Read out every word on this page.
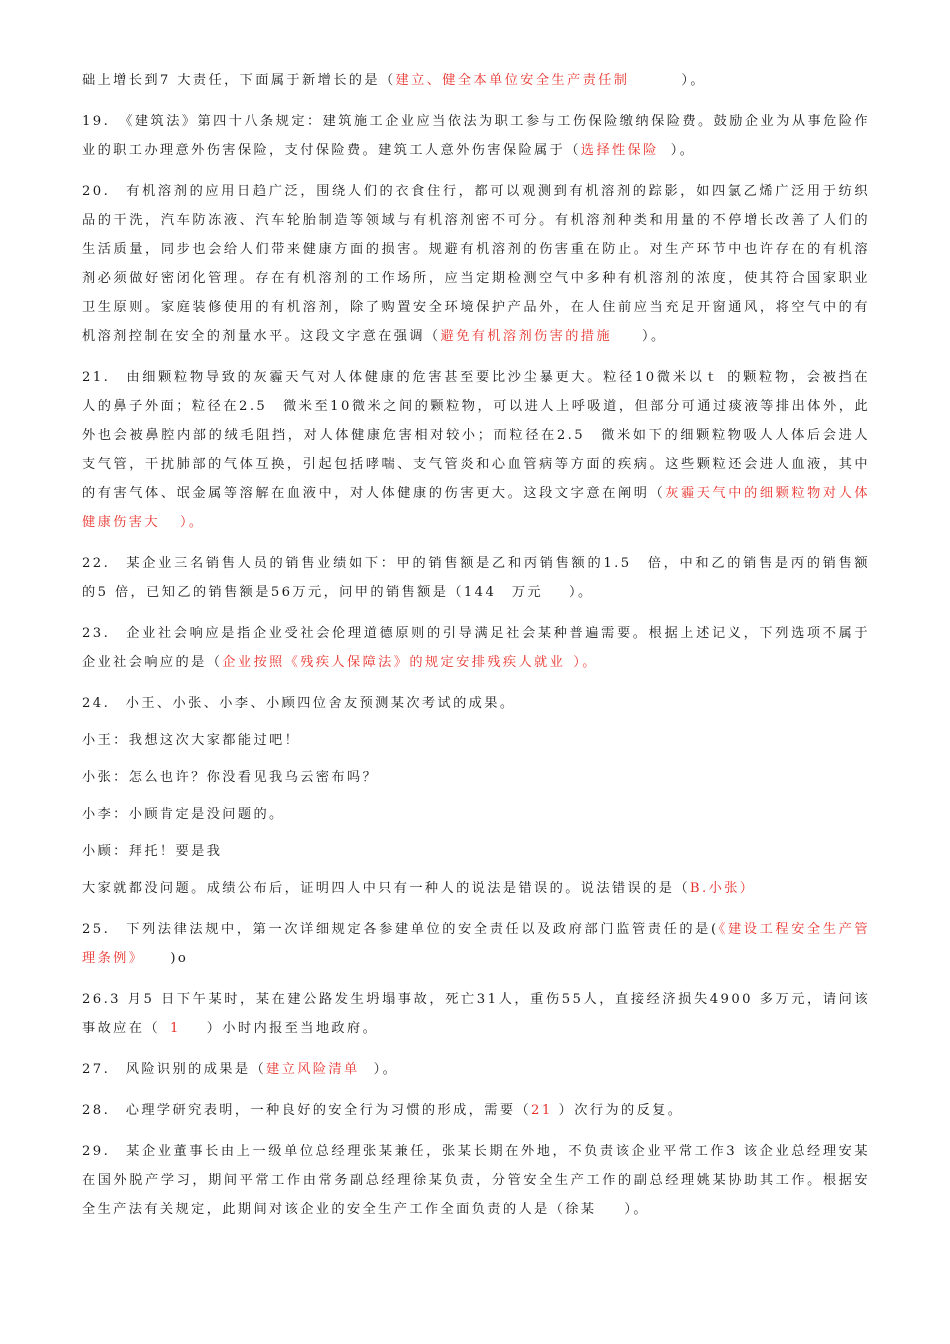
础上增长到7 大责任，下面属于新增长的是（建立、健全本单位安全生产责任制	）。

19.　《建筑法》第四十八条规定：建筑施工企业应当依法为职工参与工伤保险缴纳保险费。鼓励企业为从事危险作业的职工办理意外伤害保险，支付保险费。建筑工人意外伤害保险属于（选择性保险 ）。

20.　有机溶剂的应用日趋广泛，围绕人们的衣食住行，都可以观测到有机溶剂的踪影，如四氯乙烯广泛用于纺织品的干洗，汽车防冻液、汽车轮胎制造等领域与有机溶剂密不可分。有机溶剂种类和用量的不停增长改善了人们的生活质量，同步也会给人们带来健康方面的损害。规避有机溶剂的伤害重在防止。对生产环节中也许存在的有机溶剂必须做好密闭化管理。存在有机溶剂的工作场所，应当定期检测空气中多种有机溶剂的浓度，使其符合国家职业卫生原则。家庭装修使用的有机溶剂，除了购置安全环境保护产品外，在人住前应当充足开窗通风，将空气中的有机溶剂控制在安全的剂量水平。这段文字意在强调（避免有机溶剂伤害的措施 ）。

21.　由细颗粒物导致的灰霾天气对人体健康的危害甚至要比沙尘暴更大。粒径10微米以ｔ 的颗粒物，会被挡在人的鼻子外面；粒径在2.5　微米至10微米之间的颗粒物，可以进人上呼吸道，但部分可通过痰液等排出体外，此外也会被鼻腔内部的绒毛阻挡，对人体健康危害相对较小；而粒径在2.5　微米如下的细颗粒物吸人人体后会进人支气管，干扰肺部的气体互换，引起包括哮喘、支气管炎和心血管病等方面的疾病。这些颗粒还会进人血液，其中的有害气体、氓金属等溶解在血液中，对人体健康的伤害更大。这段文字意在阐明（灰霾天气中的细颗粒物对人体健康伤害大 ）。

22.　某企业三名销售人员的销售业绩如下：甲的销售额是乙和丙销售额的1.5　倍，中和乙的销售是丙的销售额的5 倍，已知乙的销售额是56万元，问甲的销售额是（144　万元 ）。

23.　企业社会响应是指企业受社会伦理道德原则的引导满足社会某种普遍需要。根据上述记义，下列选项不属于企业社会响应的是（企业按照《残疾人保障法》的规定安排残疾人就业 ）。

24.　小王、小张、小李、小顾四位舍友预测某次考试的成果。

小王：我想这次大家都能过吧！

小张：怎么也许？你没看见我乌云密布吗？

小李：小顾肯定是没问题的。

小顾：拜托！要是我

大家就都没问题。成绩公布后，证明四人中只有一种人的说法是错误的。说法错误的是（B.小张）

25.　下列法律法规中，第一次详细规定各参建单位的安全责任以及政府部门监管责任的是(《建设工程安全生产管理条例》 )o

26.3 月5 日下午某时，某在建公路发生坍塌事故，死亡31人，重伤55人，直接经济损失4900 多万元，请问该事故应在（ 1 ）小时内报至当地政府。

27.　风险识别的成果是（建立风险清单 ）。

28.　心理学研究表明，一种良好的安全行为习惯的形成，需要（21 ）次行为的反复。

29.　某企业董事长由上一级单位总经理张某兼任，张某长期在外地，不负责该企业平常工作3 该企业总经理安某在国外脱产学习，期间平常工作由常务副总经理徐某负责，分管安全生产工作的副总经理姚某协助其工作。根据安全生产法有关规定，此期间对该企业的安全生产工作全面负责的人是（徐某 ）。
